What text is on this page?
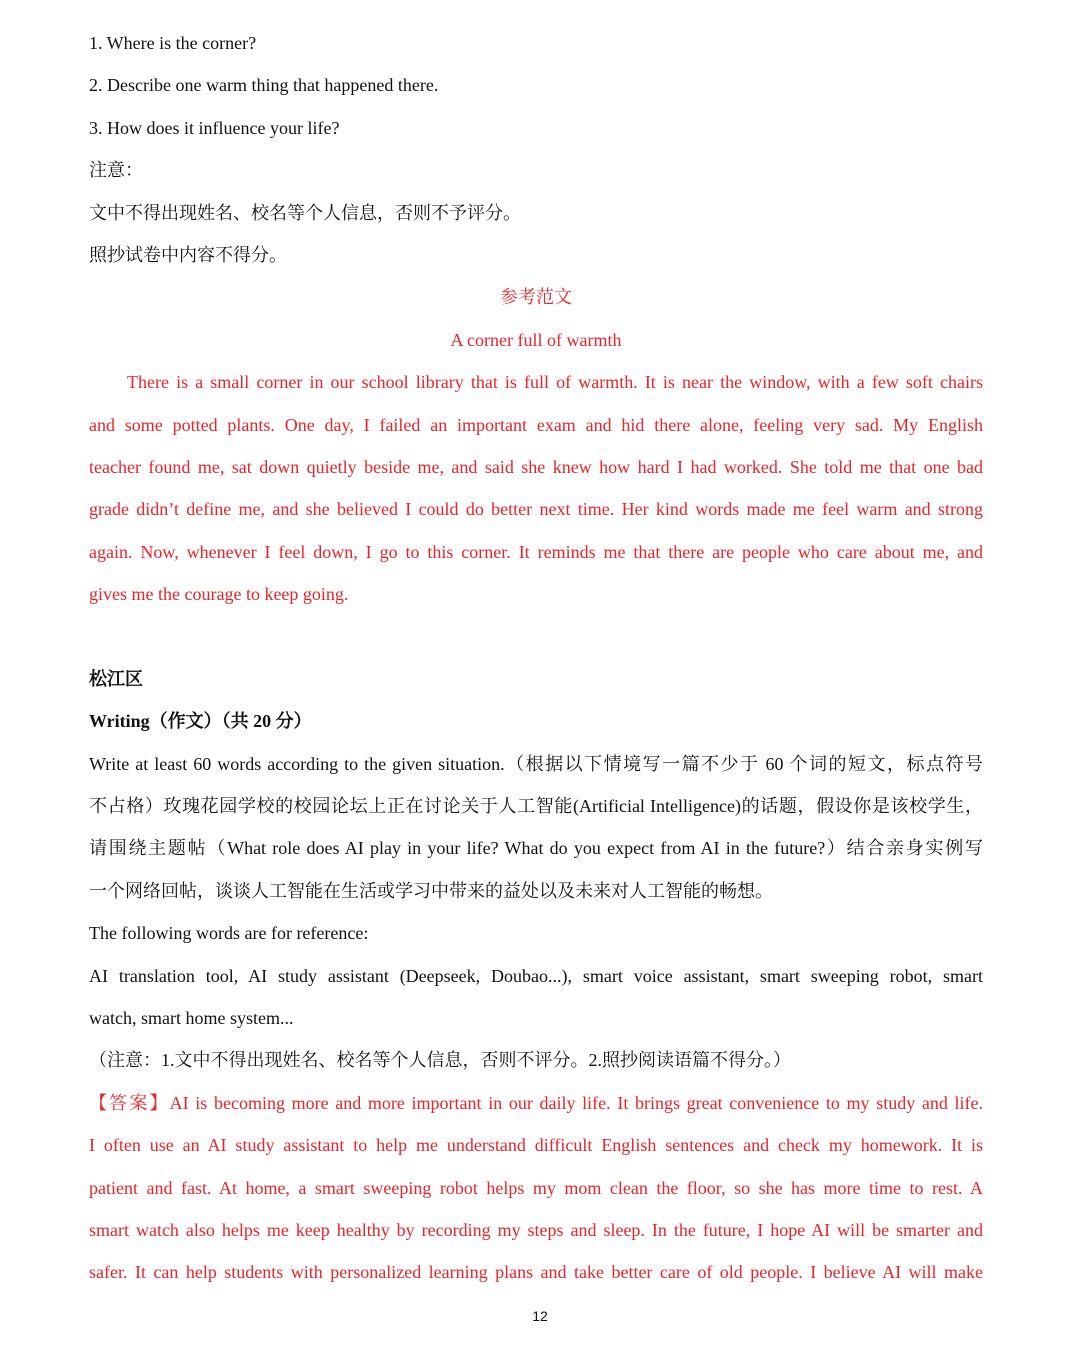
1. Where is the corner?
2. Describe one warm thing that happened there.
3. How does it influence your life?
注意：
文中不得出现姓名、校名等个人信息，否则不予评分。
照抄试卷中内容不得分。
参考范文
A corner full of warmth
There is a small corner in our school library that is full of warmth. It is near the window, with a few soft chairs
and some potted plants. One day, I failed an important exam and hid there alone, feeling very sad. My English
teacher found me, sat down quietly beside me, and said she knew how hard I had worked. She told me that one bad
grade didn’t define me, and she believed I could do better next time. Her kind words made me feel warm and strong
again. Now, whenever I feel down, I go to this corner. It reminds me that there are people who care about me, and
gives me the courage to keep going.
松江区
Writing（作文）（共 20 分）
Write at least 60 words according to the given situation.（根据以下情境写一篇不少于 60 个词的短文，标点符号
不占格）玫瑰花园学校的校园论坛上正在讨论关于人工智能(Artificial Intelligence)的话题，假设你是该校学生，
请围绕主题帖（What role does AI play in your life? What do you expect from AI in the future?）结合亲身实例写
一个网络回帖，谈谈人工智能在生活或学习中带来的益处以及未来对人工智能的畅想。
The following words are for reference:
AI translation tool, AI study assistant (Deepseek, Doubao...), smart voice assistant, smart sweeping robot, smart
watch, smart home system...
（注意：1.文中不得出现姓名、校名等个人信息，否则不评分。2.照抄阅读语篇不得分。）
【答案】AI is becoming more and more important in our daily life. It brings great convenience to my study and life.
I often use an AI study assistant to help me understand difficult English sentences and check my homework. It is
patient and fast. At home, a smart sweeping robot helps my mom clean the floor, so she has more time to rest. A
smart watch also helps me keep healthy by recording my steps and sleep. In the future, I hope AI will be smarter and
safer. It can help students with personalized learning plans and take better care of old people. I believe AI will make
12
